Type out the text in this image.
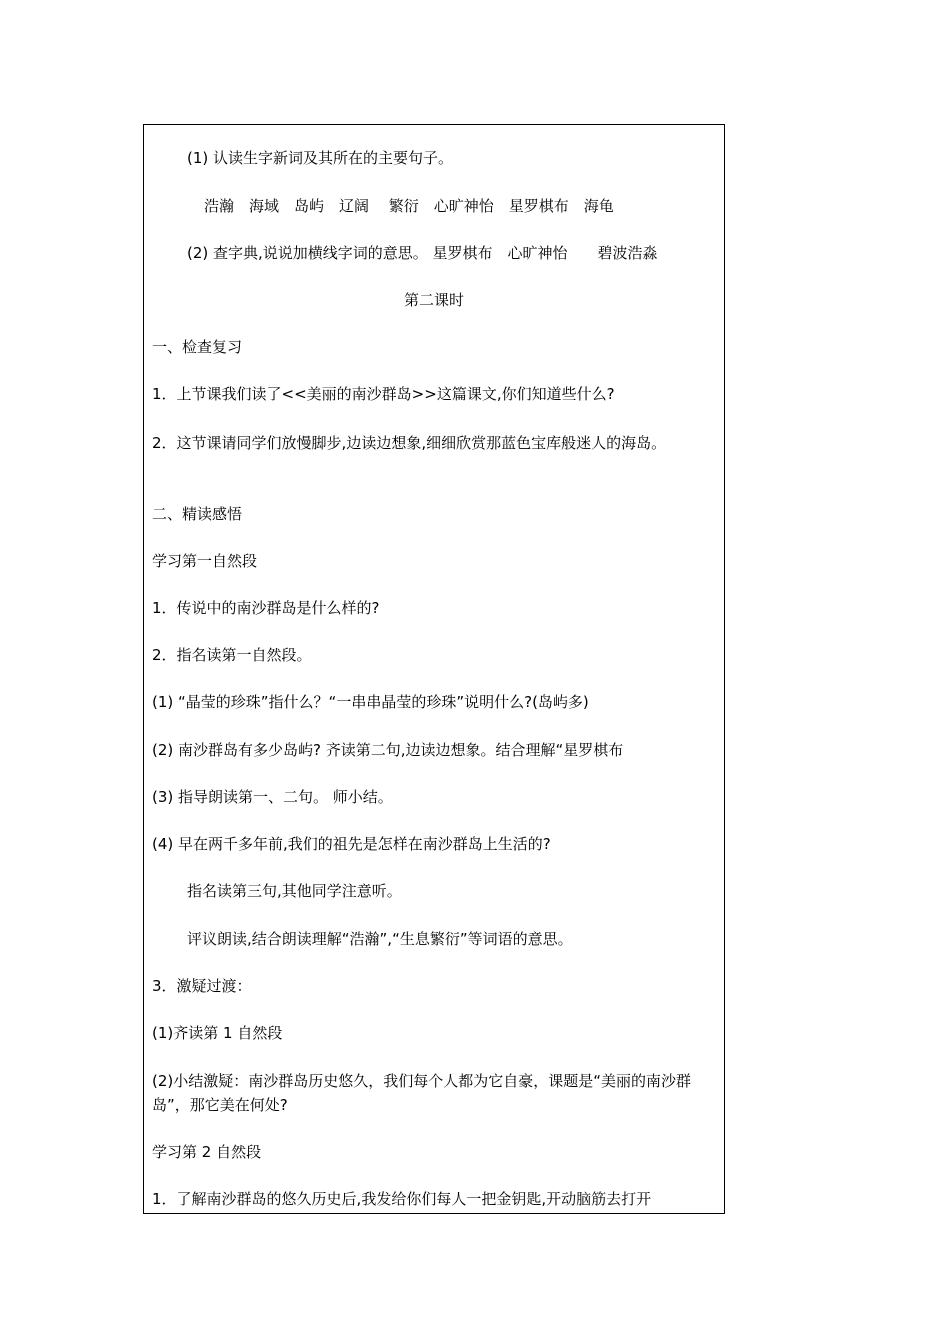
(1) 认读生字新词及其所在的主要句子。
浩瀚　海域　岛屿　辽阔　 繁衍　心旷神怡　星罗棋布　海龟
(2) 查字典,说说加横线字词的意思。 星罗棋布　心旷神怡　　碧波浩淼
第二课时
一、检查复习
1．上节课我们读了<<美丽的南沙群岛>>这篇课文,你们知道些什么?
2．这节课请同学们放慢脚步,边读边想象,细细欣赏那蓝色宝库般迷人的海岛。
二、精读感悟
学习第一自然段
1．传说中的南沙群岛是什么样的?
2．指名读第一自然段。
(1) “晶莹的珍珠”指什么？“一串串晶莹的珍珠”说明什么?(岛屿多)
(2) 南沙群岛有多少岛屿? 齐读第二句,边读边想象。结合理解“星罗棋布
(3) 指导朗读第一、二句。 师小结。
(4) 早在两千多年前,我们的祖先是怎样在南沙群岛上生活的?
指名读第三句,其他同学注意听。
评议朗读,结合朗读理解“浩瀚”,“生息繁衍”等词语的意思。
3．激疑过渡：
(1)齐读第 1 自然段
(2)小结激疑：南沙群岛历史悠久，我们每个人都为它自豪，课题是“美丽的南沙群岛”，那它美在何处?
学习第 2 自然段
1．了解南沙群岛的悠久历史后,我发给你们每人一把金钥匙,开动脑筋去打开
